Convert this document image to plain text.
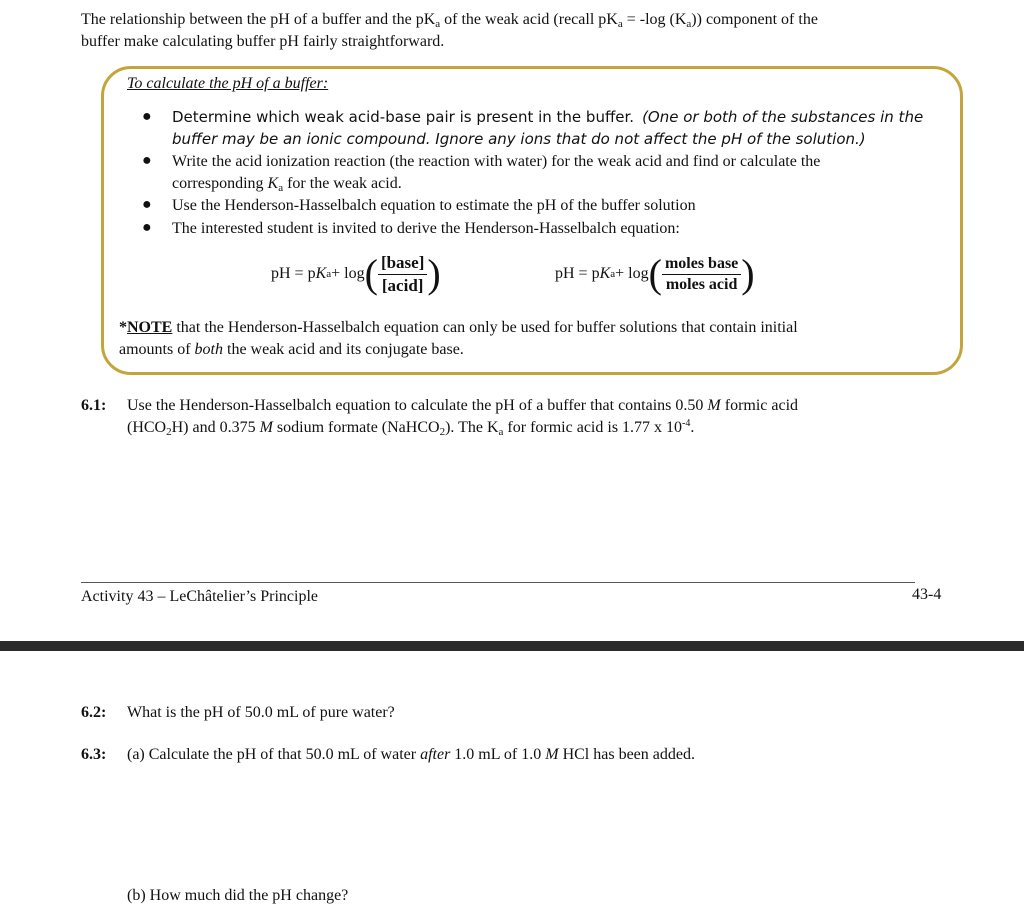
The relationship between the pH of a buffer and the $pK_a$ of the weak acid (recall $pK_a = -\log$ $(K_a)$) component of the
buffer make calculating buffer pH fairly straightforward.
To calculate the pH of a buffer:
● Determine which weak acid-base pair is present in the buffer. (One or both of the substances in the
buffer may be an ionic compound. Ignore any ions that do not affect the pH of the solution.)
● Write the acid ionization reaction (the reaction with water) for the weak acid and find or calculate the
corresponding $K_a$ for the weak acid.
● Use the Henderson-Hasselbalch equation to estimate the pH of the buffer solution
● The interested student is invited to derive the Henderson-Hasselbalch equation:
pH = p K a + log ( $\frac{\text{[base]}}{\text{[acid]}}$ )	pH = p K a + log ( $\frac{\text{moles base}}{\text{moles acid}}$ )
*NOTE that the Henderson-Hasselbalch equation can only be used for buffer solutions that contain initial
amounts of both the weak acid and its conjugate base.
6.1: Use the Henderson-Hasselbalch equation to calculate the pH of a buffer that contains 0.50 M formic acid
$(HCO_2H)$ and 0.375 M sodium formate (NaHCO$_2$). The $K_a$ for formic acid is 1.77 x $10^{-4}$.
Activity 43 – LeChâtelier’s Principle	43-4
6.2: What is the pH of 50.0 mL of pure water?
6.3: (a) Calculate the pH of that 50.0 mL of water after 1.0 mL of 1.0 M HCl has been added.
(b) How much did the pH change?
